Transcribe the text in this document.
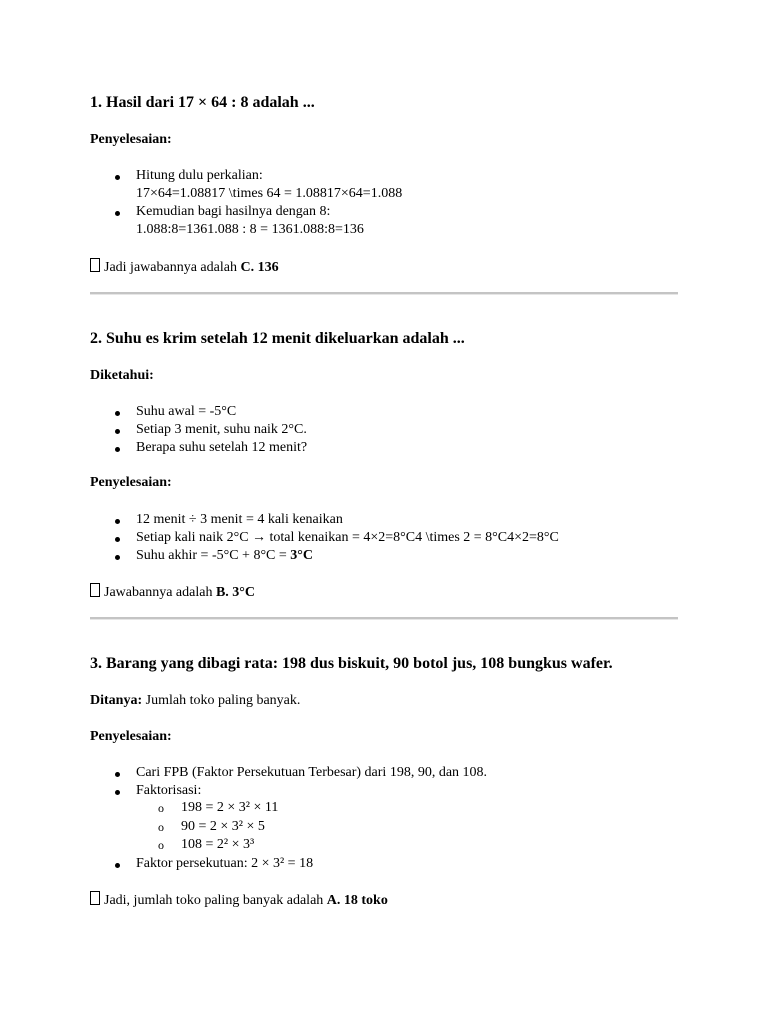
1. Hasil dari 17 × 64 : 8 adalah ...
Penyelesaian:
Hitung dulu perkalian:
17×64=1.08817 \times 64 = 1.08817×64=1.088
Kemudian bagi hasilnya dengan 8:
1.088:8=1361.088 : 8 = 1361.088:8=136
Jadi jawabannya adalah C. 136
2. Suhu es krim setelah 12 menit dikeluarkan adalah ...
Diketahui:
Suhu awal = -5°C
Setiap 3 menit, suhu naik 2°C.
Berapa suhu setelah 12 menit?
Penyelesaian:
12 menit ÷ 3 menit = 4 kali kenaikan
Setiap kali naik 2°C → total kenaikan = 4×2=8°C4 \times 2 = 8°C4×2=8°C
Suhu akhir = -5°C + 8°C = 3°C
Jawabannya adalah B. 3°C
3. Barang yang dibagi rata: 198 dus biskuit, 90 botol jus, 108 bungkus wafer.
Ditanya: Jumlah toko paling banyak.
Penyelesaian:
Cari FPB (Faktor Persekutuan Terbesar) dari 198, 90, dan 108.
Faktorisasi:
o 198 = 2 × 3² × 11
o 90 = 2 × 3² × 5
o 108 = 2² × 3³
Faktor persekutuan: 2 × 3² = 18
Jadi, jumlah toko paling banyak adalah A. 18 toko
